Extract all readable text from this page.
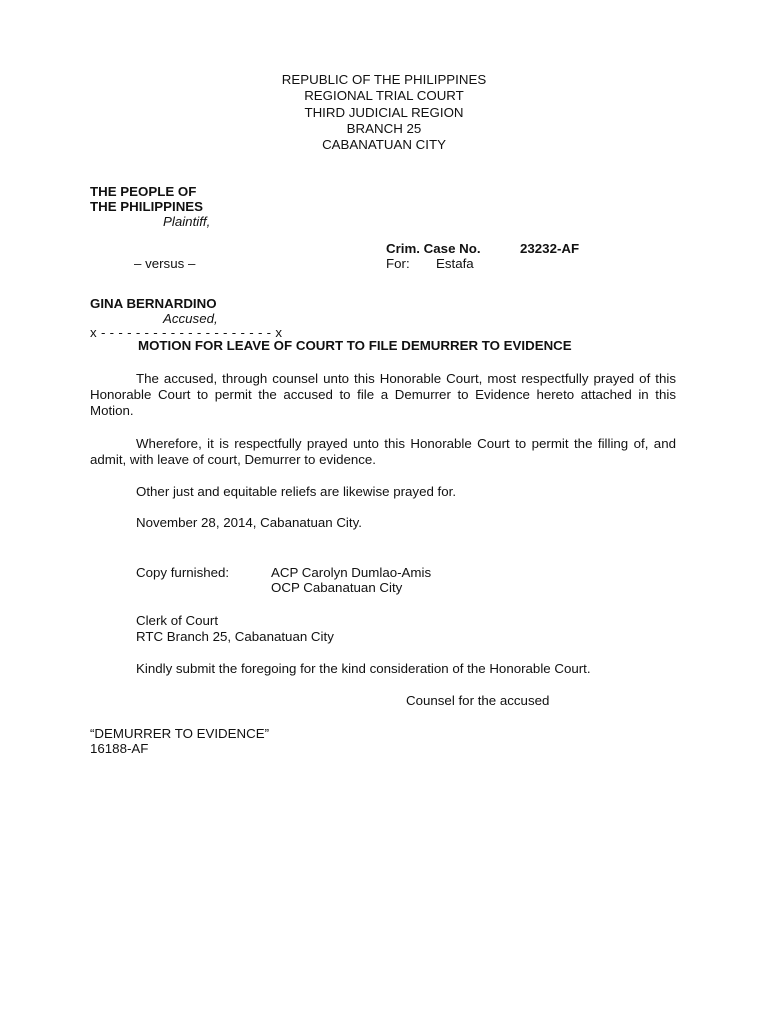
REPUBLIC OF THE PHILIPPINES
REGIONAL TRIAL COURT
THIRD JUDICIAL REGION
BRANCH 25
CABANATUAN CITY
THE PEOPLE OF
THE PHILIPPINES
Plaintiff,
Crim. Case No.	23232-AF
– versus –	For: Estafa
GINA BERNARDINO
Accused,
x - - - - - - - - - - - - - - - - - - - - x
MOTION FOR LEAVE OF COURT TO FILE DEMURRER TO EVIDENCE
The accused, through counsel unto this Honorable Court, most respectfully prayed of this Honorable Court to permit the accused to file a Demurrer to Evidence hereto attached in this Motion.
Wherefore, it is respectfully prayed unto this Honorable Court to permit the filling of, and admit, with leave of court, Demurrer to evidence.
Other just and equitable reliefs are likewise prayed for.
November 28, 2014, Cabanatuan City.
Copy furnished:	ACP Carolyn Dumlao-Amis
OCP Cabanatuan City
Clerk of Court
RTC Branch 25, Cabanatuan City
Kindly submit the foregoing for the kind consideration of the Honorable Court.
Counsel for the accused
“DEMURRER TO EVIDENCE”
16188-AF
